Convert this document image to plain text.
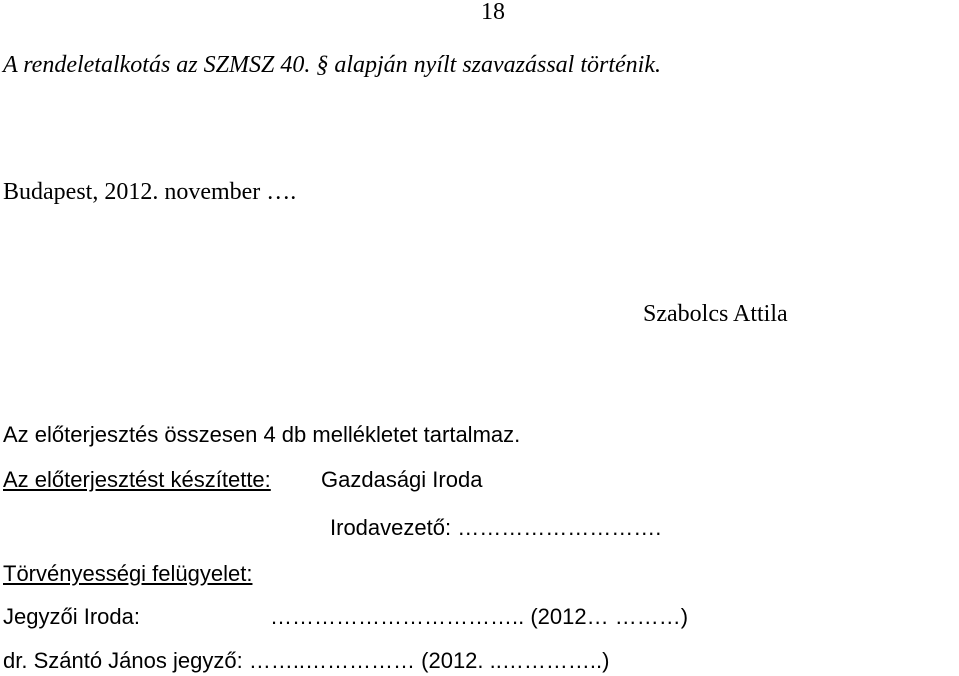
18
A rendeletalkotás az SZMSZ 40. § alapján nyílt szavazással történik.
Budapest, 2012. november ….
Szabolcs Attila
Az előterjesztés összesen 4 db mellékletet tartalmaz.
Az előterjesztést készítette: Gazdasági Iroda
Irodavezető: ……………………….
Törvényességi felügyelet:
Jegyzői Iroda:	…………………………….. (2012… ………)
dr. Szántó János jegyző: ……..…………… (2012. ..…………..)
